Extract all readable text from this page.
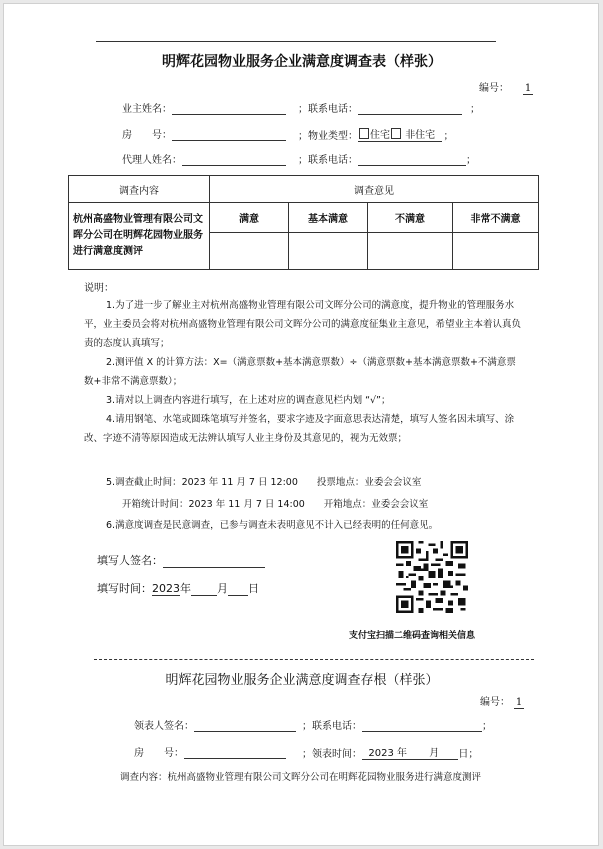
明辉花园物业服务企业满意度调查表（样张）
编号： 1
业主姓名：	；联系电话：	；
房　　号：	；物业类型： 住宅 非住宅 ；
代理人姓名：	；联系电话：	；
调查内容	调查意见			
杭州高盛物业管理有限公司文晖分公司在明辉花园物业服务进行满意度测评	满意	基本满意	不满意	非常不满意

说明：
1.为了进一步了解业主对杭州高盛物业管理有限公司文晖分公司的满意度，提升物业的管理服务水平，业主委员会将对杭州高盛物业管理有限公司文晖分公司的满意度征集业主意见，希望业主本着认真负责的态度认真填写；
2.测评值 X 的计算方法：X=（满意票数+基本满意票数）÷（满意票数+基本满意票数+不满意票数+非常不满意票数）；
3.请对以上调查内容进行填写，在上述对应的调查意见栏内划 “√”；
4.请用钢笔、水笔或圆珠笔填写并签名，要求字迹及字面意思表达清楚，填写人签名因未填写、涂改、字迹不清等原因造成无法辨认填写人业主身份及其意见的，视为无效票；
5.调查截止时间：2023 年 11 月 7 日 12:00　　投票地点：业委会会议室
开箱统计时间：2023 年 11 月 7 日 14:00　　开箱地点：业委会会议室
6.满意度调查是民意调查，已参与调查未表明意见不计入已经表明的任何意见。
填写人签名：
填写时间：2023年 月 日
支付宝扫描二维码查询相关信息
明辉花园物业服务企业满意度调查存根（样张）
编号： 1
领表人签名：	；联系电话：	；
房　　号：	；领表时间： 2023 年 月 日；
调查内容：杭州高盛物业管理有限公司文晖分公司在明辉花园物业服务进行满意度测评
